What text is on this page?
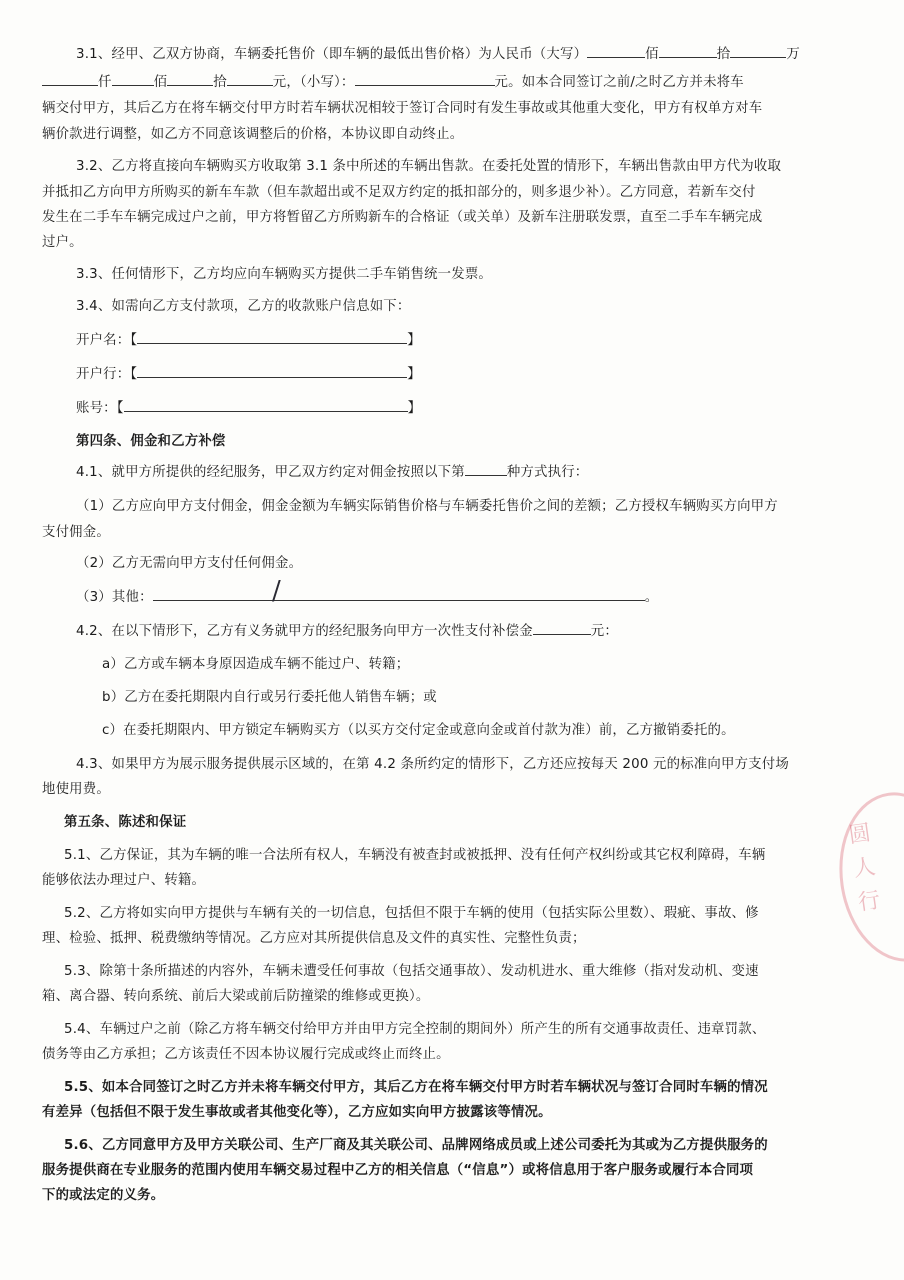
3.1、经甲、乙双方协商，车辆委托售价（即车辆的最低出售价格）为人民币（大写）	佰	拾	万
仟	佰	拾	元，（小写）：	元。如本合同签订之前/之时乙方并未将车
辆交付甲方，其后乙方在将车辆交付甲方时若车辆状况相较于签订合同时有发生事故或其他重大变化，甲方有权单方对车
辆价款进行调整，如乙方不同意该调整后的价格，本协议即自动终止。
3.2、乙方将直接向车辆购买方收取第 3.1 条中所述的车辆出售款。在委托处置的情形下，车辆出售款由甲方代为收取
并抵扣乙方向甲方所购买的新车车款（但车款超出或不足双方约定的抵扣部分的，则多退少补）。乙方同意，若新车交付
发生在二手车车辆完成过户之前，甲方将暂留乙方所购新车的合格证（或关单）及新车注册联发票，直至二手车车辆完成
过户。
3.3、任何情形下，乙方均应向车辆购买方提供二手车销售统一发票。
3.4、如需向乙方支付款项，乙方的收款账户信息如下：
开户名：【	】
开户行：【	】
账号：【	】
第四条、佣金和乙方补偿
4.1、就甲方所提供的经纪服务，甲乙双方约定对佣金按照以下第	种方式执行：
（1）乙方应向甲方支付佣金，佣金金额为车辆实际销售价格与车辆委托售价之间的差额；乙方授权车辆购买方向甲方
支付佣金。
（2）乙方无需向甲方支付任何佣金。
（3）其他：	。
/
4.2、在以下情形下，乙方有义务就甲方的经纪服务向甲方一次性支付补偿金	元：
a）乙方或车辆本身原因造成车辆不能过户、转籍；
b）乙方在委托期限内自行或另行委托他人销售车辆；或
c）在委托期限内、甲方锁定车辆购买方（以买方交付定金或意向金或首付款为准）前，乙方撤销委托的。
4.3、如果甲方为展示服务提供展示区域的，在第 4.2 条所约定的情形下，乙方还应按每天 200 元的标准向甲方支付场
地使用费。
第五条、陈述和保证
5.1、乙方保证，其为车辆的唯一合法所有权人，车辆没有被查封或被抵押、没有任何产权纠纷或其它权利障碍，车辆
能够依法办理过户、转籍。
5.2、乙方将如实向甲方提供与车辆有关的一切信息，包括但不限于车辆的使用（包括实际公里数）、瑕疵、事故、修
理、检验、抵押、税费缴纳等情况。乙方应对其所提供信息及文件的真实性、完整性负责；
5.3、除第十条所描述的内容外，车辆未遭受任何事故（包括交通事故）、发动机进水、重大维修（指对发动机、变速
箱、离合器、转向系统、前后大梁或前后防撞梁的维修或更换）。
5.4、车辆过户之前（除乙方将车辆交付给甲方并由甲方完全控制的期间外）所产生的所有交通事故责任、违章罚款、
债务等由乙方承担；乙方该责任不因本协议履行完成或终止而终止。
5.5、如本合同签订之时乙方并未将车辆交付甲方，其后乙方在将车辆交付甲方时若车辆状况与签订合同时车辆的情况
有差异（包括但不限于发生事故或者其他变化等），乙方应如实向甲方披露该等情况。
5.6、乙方同意甲方及甲方关联公司、生产厂商及其关联公司、品牌网络成员或上述公司委托为其或为乙方提供服务的
服务提供商在专业服务的范围内使用车辆交易过程中乙方的相关信息（“信息”）或将信息用于客户服务或履行本合同项
下的或法定的义务。
圆
人
行
